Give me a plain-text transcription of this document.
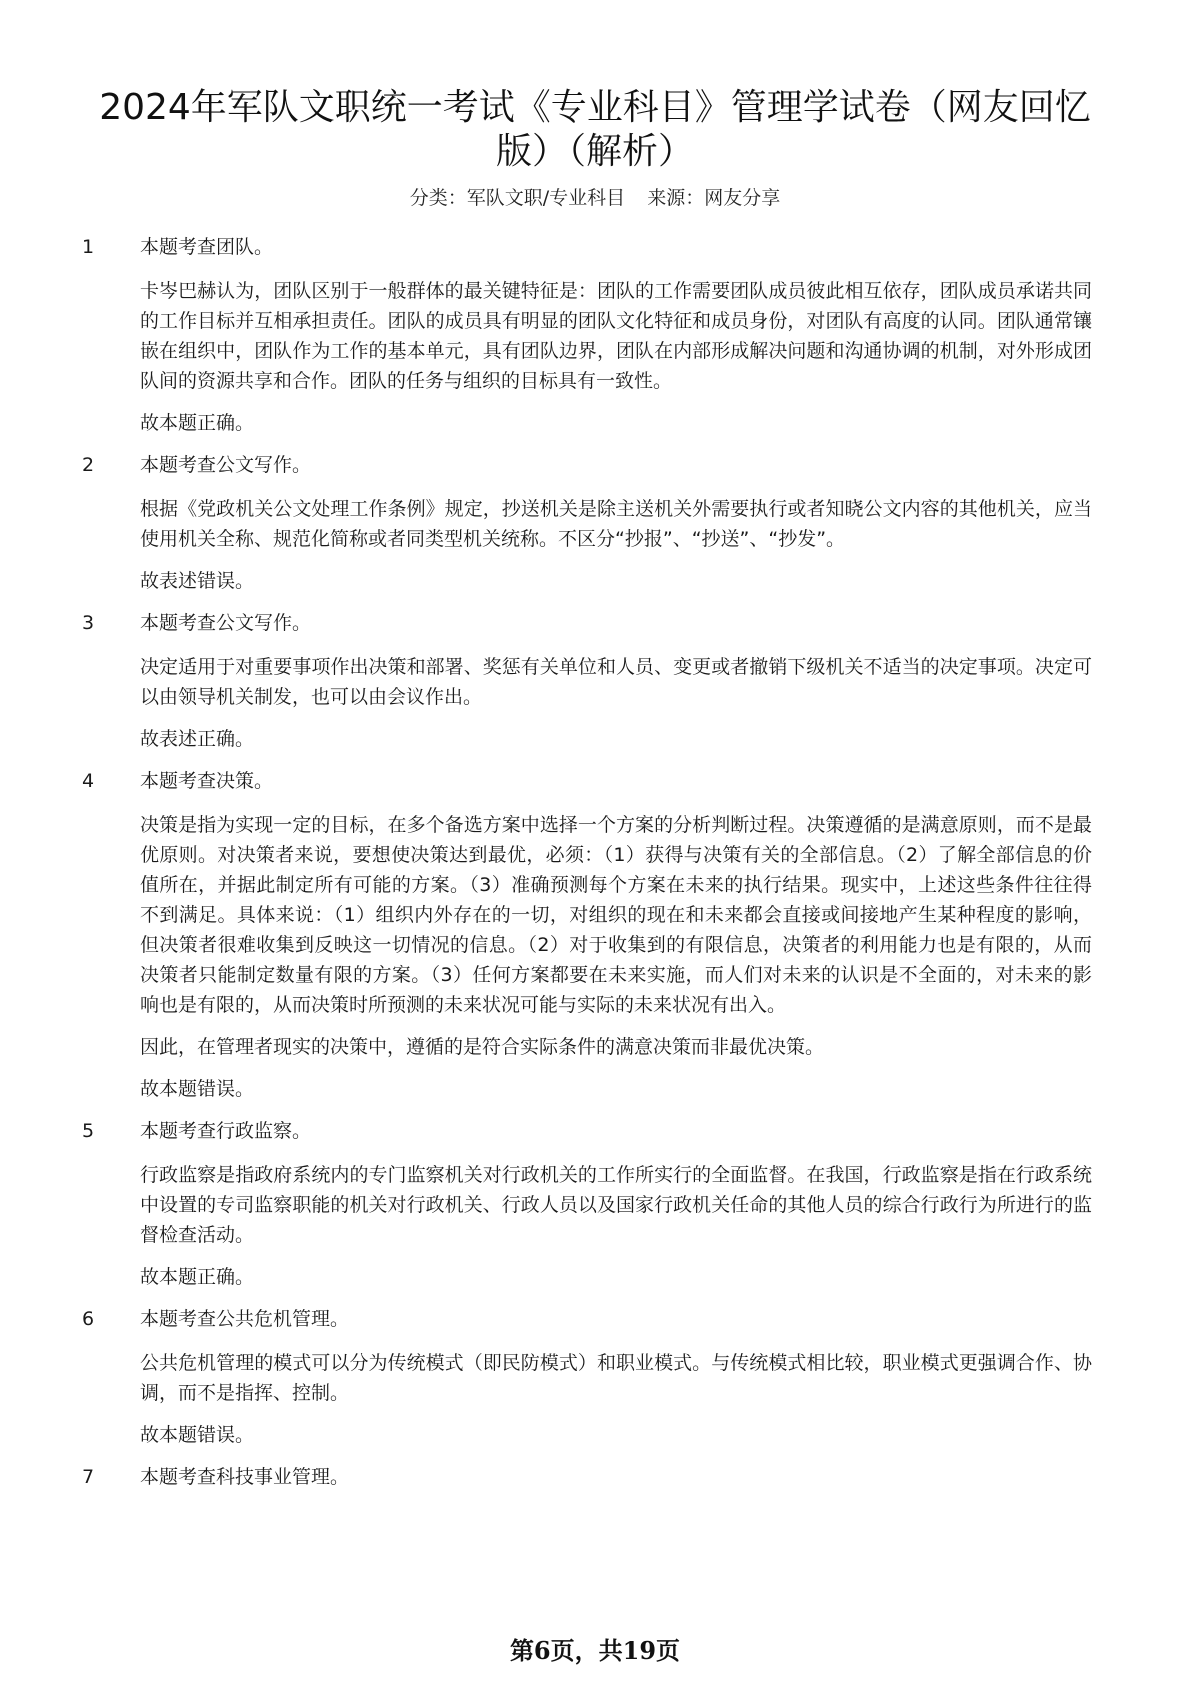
2024年军队文职统一考试《专业科目》管理学试卷（网友回忆版）（解析）
分类：军队文职/专业科目 来源：网友分享
1 本题考查团队。

卡岑巴赫认为，团队区别于一般群体的最关键特征是：团队的工作需要团队成员彼此相互依存，团队成员承诺共同的工作目标并互相承担责任。团队的成员具有明显的团队文化特征和成员身份，对团队有高度的认同。团队通常镶嵌在组织中，团队作为工作的基本单元，具有团队边界，团队在内部形成解决问题和沟通协调的机制，对外形成团队间的资源共享和合作。团队的任务与组织的目标具有一致性。

故本题正确。

2 本题考查公文写作。

根据《党政机关公文处理工作条例》规定，抄送机关是除主送机关外需要执行或者知晓公文内容的其他机关，应当使用机关全称、规范化简称或者同类型机关统称。不区分“抄报”、“抄送”、“抄发”。

故表述错误。

3 本题考查公文写作。

决定适用于对重要事项作出决策和部署、奖惩有关单位和人员、变更或者撤销下级机关不适当的决定事项。决定可以由领导机关制发，也可以由会议作出。

故表述正确。

4 本题考查决策。

决策是指为实现一定的目标，在多个备选方案中选择一个方案的分析判断过程。决策遵循的是满意原则，而不是最优原则。对决策者来说，要想使决策达到最优，必须：（1）获得与决策有关的全部信息。（2）了解全部信息的价值所在，并据此制定所有可能的方案。（3）准确预测每个方案在未来的执行结果。现实中，上述这些条件往往得不到满足。具体来说：（1）组织内外存在的一切，对组织的现在和未来都会直接或间接地产生某种程度的影响，但决策者很难收集到反映这一切情况的信息。（2）对于收集到的有限信息，决策者的利用能力也是有限的，从而决策者只能制定数量有限的方案。（3）任何方案都要在未来实施，而人们对未来的认识是不全面的，对未来的影响也是有限的，从而决策时所预测的未来状况可能与实际的未来状况有出入。

因此，在管理者现实的决策中，遵循的是符合实际条件的满意决策而非最优决策。

故本题错误。

5 本题考查行政监察。

行政监察是指政府系统内的专门监察机关对行政机关的工作所实行的全面监督。在我国，行政监察是指在行政系统中设置的专司监察职能的机关对行政机关、行政人员以及国家行政机关任命的其他人员的综合行政行为所进行的监督检查活动。

故本题正确。

6 本题考查公共危机管理。

公共危机管理的模式可以分为传统模式（即民防模式）和职业模式。与传统模式相比较，职业模式更强调合作、协调，而不是指挥、控制。

故本题错误。

7 本题考查科技事业管理。
第6页，共19页
